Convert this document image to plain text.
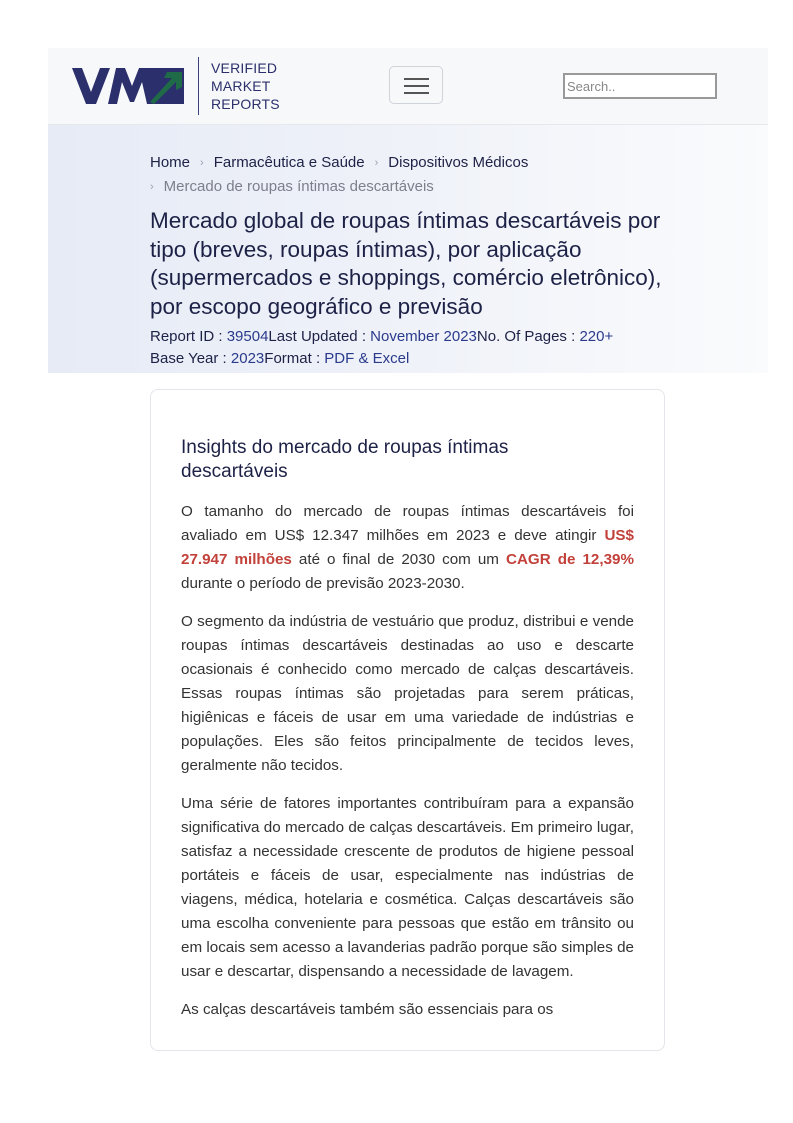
VERIFIED
MARKET
REPORTS
Search..
Home › Farmacêutica e Saúde › Dispositivos Médicos
› Mercado de roupas íntimas descartáveis
Mercado global de roupas íntimas descartáveis por tipo (breves, roupas íntimas), por aplicação (supermercados e shoppings, comércio eletrônico), por escopo geográfico e previsão
Report ID : 39504Last Updated : November 2023No. Of Pages : 220+
Base Year : 2023Format : PDF & Excel
Insights do mercado de roupas íntimas descartáveis

O tamanho do mercado de roupas íntimas descartáveis foi avaliado em US$ 12.347 milhões em 2023 e deve atingir US$ 27.947 milhões até o final de 2030 com um CAGR de 12,39% durante o período de previsão 2023-2030.

O segmento da indústria de vestuário que produz, distribui e vende roupas íntimas descartáveis destinadas ao uso e descarte ocasionais é conhecido como mercado de calças descartáveis. Essas roupas íntimas são projetadas para serem práticas, higiênicas e fáceis de usar em uma variedade de indústrias e populações. Eles são feitos principalmente de tecidos leves, geralmente não tecidos.

Uma série de fatores importantes contribuíram para a expansão significativa do mercado de calças descartáveis. Em primeiro lugar, satisfaz a necessidade crescente de produtos de higiene pessoal portáteis e fáceis de usar, especialmente nas indústrias de viagens, médica, hotelaria e cosmética. Calças descartáveis são uma escolha conveniente para pessoas que estão em trânsito ou em locais sem acesso a lavanderias padrão porque são simples de usar e descartar, dispensando a necessidade de lavagem.

As calças descartáveis também são essenciais para os
